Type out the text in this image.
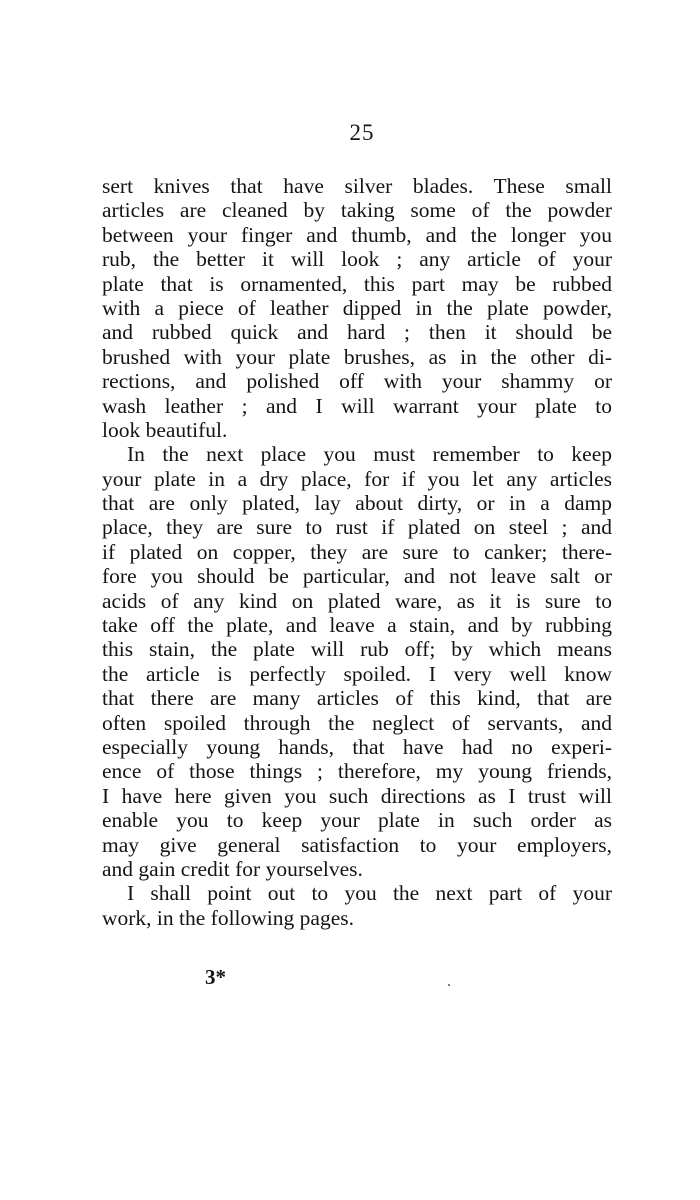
25
sert knives that have silver blades. These small
articles are cleaned by taking some of the powder
between your finger and thumb, and the longer you
rub, the better it will look ; any article of your
plate that is ornamented, this part may be rubbed
with a piece of leather dipped in the plate powder,
and rubbed quick and hard ; then it should be
brushed with your plate brushes, as in the other di-
rections, and polished off with your shammy or
wash leather ; and I will warrant your plate to
look beautiful.
In the next place you must remember to keep
your plate in a dry place, for if you let any articles
that are only plated, lay about dirty, or in a damp
place, they are sure to rust if plated on steel ; and
if plated on copper, they are sure to canker; there-
fore you should be particular, and not leave salt or
acids of any kind on plated ware, as it is sure to
take off the plate, and leave a stain, and by rubbing
this stain, the plate will rub off; by which means
the article is perfectly spoiled. I very well know
that there are many articles of this kind, that are
often spoiled through the neglect of servants, and
especially young hands, that have had no experi-
ence of those things ; therefore, my young friends,
I have here given you such directions as I trust will
enable you to keep your plate in such order as
may give general satisfaction to your employers,
and gain credit for yourselves.
I shall point out to you the next part of your
work, in the following pages.
3*
